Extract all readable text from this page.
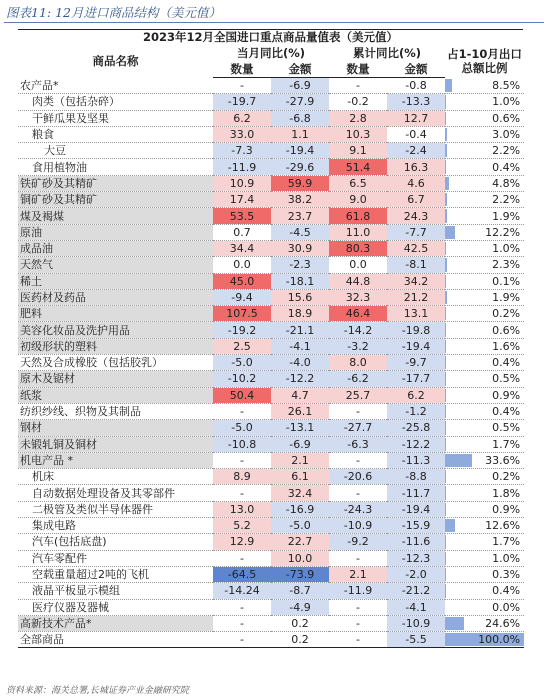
图表11: 12月进口商品结构（美元值）
2023年12月全国进口重点商品量值表（美元值）
商品名称	当月同比(%)		累计同比(%)		占1-10月出口总额比例
	数量	金额	数量	金额	
农产品*	-	-6.9	-	-0.8	8.5%
肉类（包括杂碎）	-19.7	-27.9	-0.2	-13.3	1.0%
干鲜瓜果及坚果	6.2	-6.8	2.8	12.7	0.6%
粮食	33.0	1.1	10.3	-0.4	3.0%
大豆	-7.3	-19.4	9.1	-2.4	2.2%
食用植物油	-11.9	-29.6	51.4	16.3	0.4%
铁矿砂及其精矿	10.9	59.9	6.5	4.6	4.8%
铜矿砂及其精矿	17.4	38.2	9.0	6.7	2.2%
煤及褐煤	53.5	23.7	61.8	24.3	1.9%
原油	0.7	-4.5	11.0	-7.7	12.2%
成品油	34.4	30.9	80.3	42.5	1.0%
天然气	0.0	-2.3	0.0	-8.1	2.3%
稀土	45.0	-18.1	44.8	34.2	0.1%
医药材及药品	-9.4	15.6	32.3	21.2	1.9%
肥料	107.5	18.9	46.4	13.1	0.2%
美容化妆品及洗护用品	-19.2	-21.1	-14.2	-19.8	0.6%
初级形状的塑料	2.5	-4.1	-3.2	-19.4	1.6%
天然及合成橡胶（包括胶乳）	-5.0	-4.0	8.0	-9.7	0.4%
原木及锯材	-10.2	-12.2	-6.2	-17.7	0.5%
纸浆	50.4	4.7	25.7	6.2	0.9%
纺织纱线、织物及其制品	-	26.1	-	-1.2	0.4%
钢材	-5.0	-13.1	-27.7	-25.8	0.5%
未锻轧铜及铜材	-10.8	-6.9	-6.3	-12.2	1.7%
机电产品 *	-	2.1	-	-11.3	33.6%
机床	8.9	6.1	-20.6	-8.8	0.2%
自动数据处理设备及其零部件	-	32.4	-	-11.7	1.8%
二极管及类似半导体器件	13.0	-16.9	-24.3	-19.4	0.9%
集成电路	5.2	-5.0	-10.9	-15.9	12.6%
汽车(包括底盘)	12.9	22.7	-9.2	-11.6	1.7%
汽车零配件	-	10.0	-	-12.3	1.0%
空载重量超过2吨的飞机	-64.5	-73.9	2.1	-2.0	0.3%
液晶平板显示模组	-14.24	-8.7	-11.9	-21.2	0.4%
医疗仪器及器械	-	-4.9	-	-4.1	0.0%
高新技术产品*	-	0.2	-	-10.9	24.6%
全部商品	-	0.2	-	-5.5	100.0%
资料来源：海关总署,长城证券产业金融研究院
